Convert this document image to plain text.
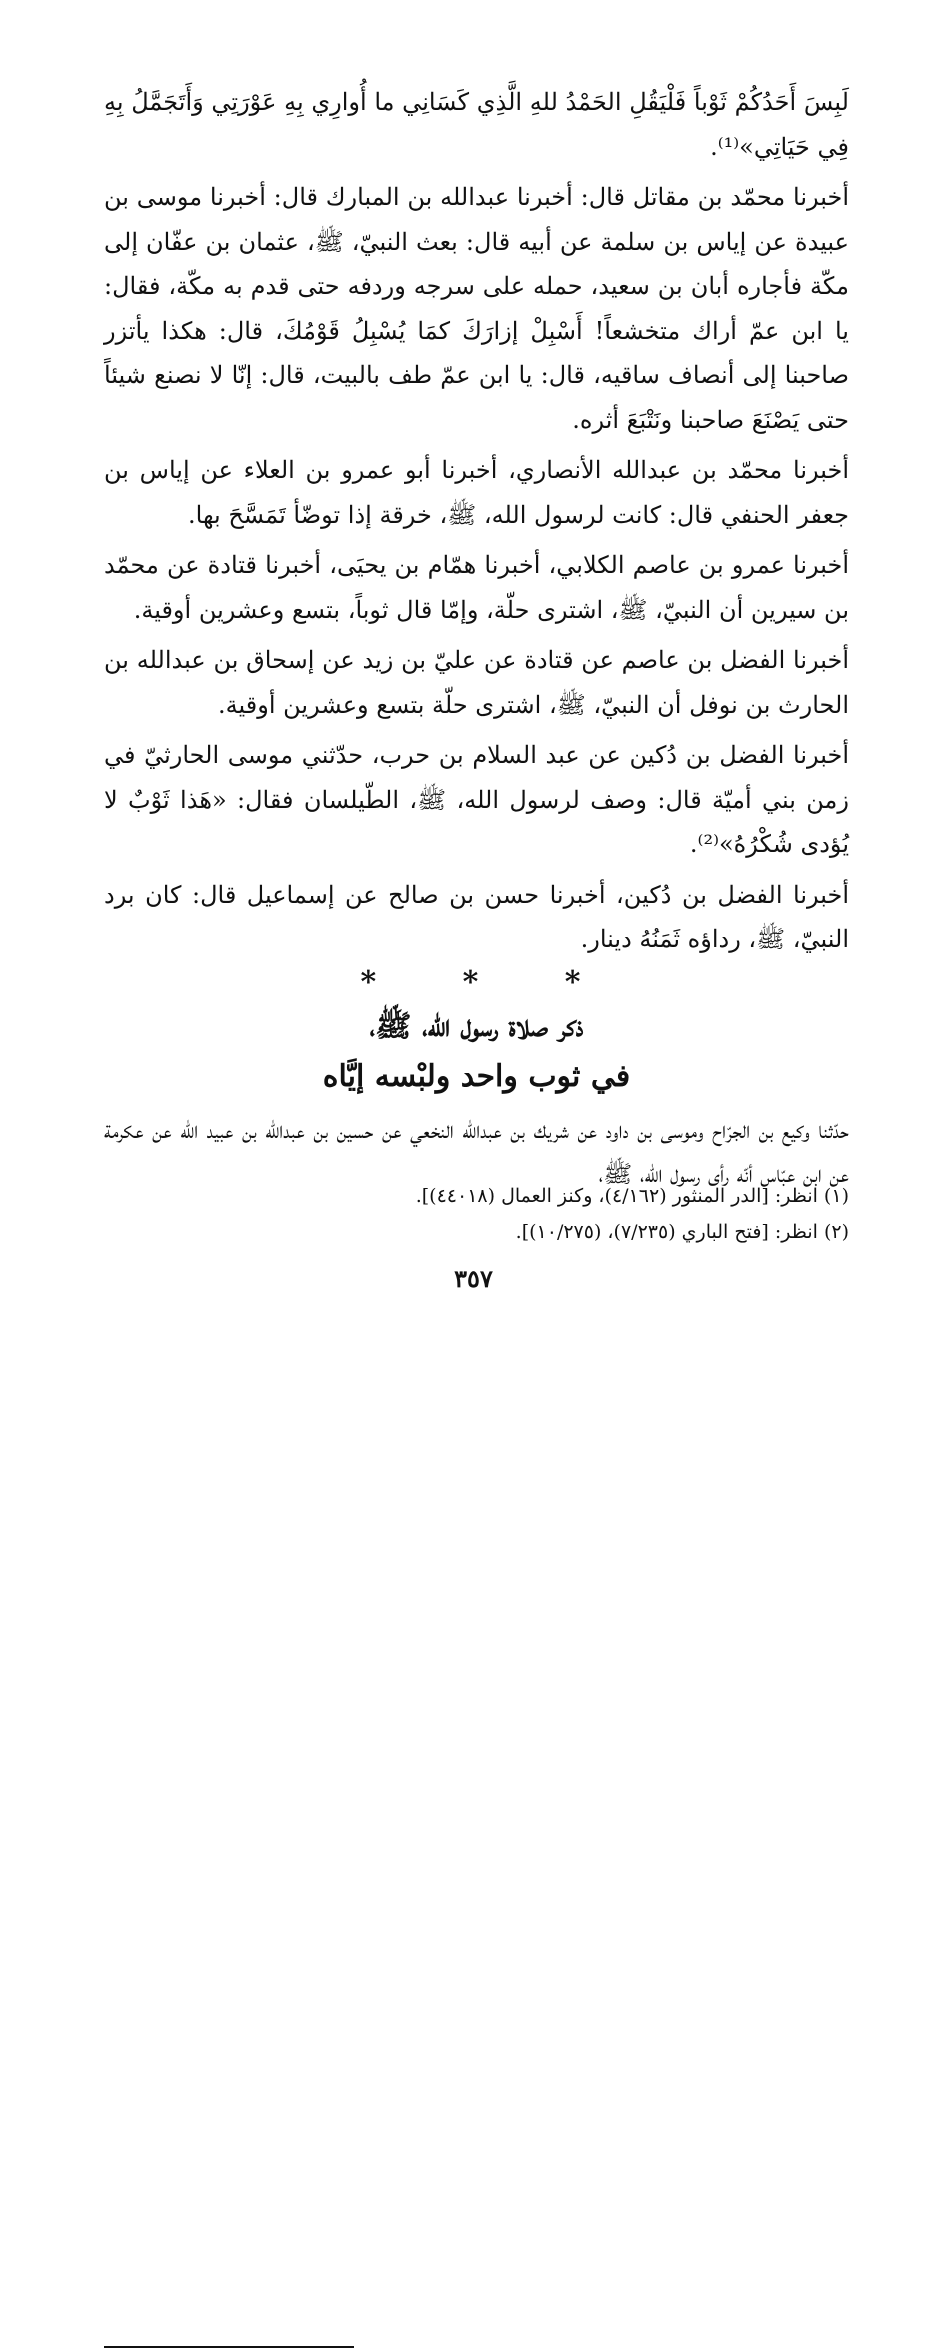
لَبِسَ أَحَدُكُمْ ثَوْباً فَلْيَقُلِ الحَمْدُ للهِ الَّذِي كَسَانِي ما أُوارِي بِهِ عَوْرَتِي وَأَتَجَمَّلُ بِهِ فِي حَيَاتِي»⁽¹⁾.

أخبرنا محمّد بن مقاتل قال: أخبرنا عبدالله بن المبارك قال: أخبرنا موسى بن عبيدة عن إياس بن سلمة عن أبيه قال: بعث النبيّ، ﷺ، عثمان بن عفّان إلى مكّة فأجاره أبان بن سعيد، حمله على سرجه وردفه حتى قدم به مكّة، فقال: يا ابن عمّ أراك متخشعاً! أَسْبِلْ إزارَكَ كمَا يُسْبِلُ قَوْمُكَ، قال: هكذا يأتزر صاحبنا إلى أنصاف ساقيه، قال: يا ابن عمّ طف بالبيت، قال: إنّا لا نصنع شيئاً حتى يَصْنَعَ صاحبنا ونَتْبَعَ أثره.

أخبرنا محمّد بن عبدالله الأنصاري، أخبرنا أبو عمرو بن العلاء عن إياس بن جعفر الحنفي قال: كانت لرسول الله، ﷺ، خرقة إذا توضّأ تَمَسَّحَ بها.

أخبرنا عمرو بن عاصم الكلابي، أخبرنا همّام بن يحيَى، أخبرنا قتادة عن محمّد بن سيرين أن النبيّ، ﷺ، اشترى حلّة، وإمّا قال ثوباً، بتسع وعشرين أوقية.

أخبرنا الفضل بن عاصم عن قتادة عن عليّ بن زيد عن إسحاق بن عبدالله بن الحارث بن نوفل أن النبيّ، ﷺ، اشترى حلّة بتسع وعشرين أوقية.

أخبرنا الفضل بن دُكين عن عبد السلام بن حرب، حدّثني موسى الحارثيّ في زمن بني أميّة قال: وصف لرسول الله، ﷺ، الطّيلسان فقال: «هَذا ثَوْبٌ لا يُؤدى شُكْرُهُ»⁽²⁾.

أخبرنا الفضل بن دُكين، أخبرنا حسن بن صالح عن إسماعيل قال: كان برد النبيّ، ﷺ، رداؤه ثَمَنُهُ دينار.

* * *
ذكر صلاة رسول الله، ﷺ،
في ثوب واحد ولبْسه إيَّاه

حدّثنا وكيع بن الجرّاح وموسى بن داود عن شريك بن عبدالله النخعي عن حسين بن عبدالله بن عبيد الله عن عكرمة عن ابن عبّاس أنّه رأى رسول الله، ﷺ،

(١) انظر: [الدر المنثور (٤/١٦٢)، وكنز العمال (٤٤٠١٨)].

(٢) انظر: [فتح الباري (٧/٢٣٥)، (١٠/٢٧٥)].

٣٥٧
